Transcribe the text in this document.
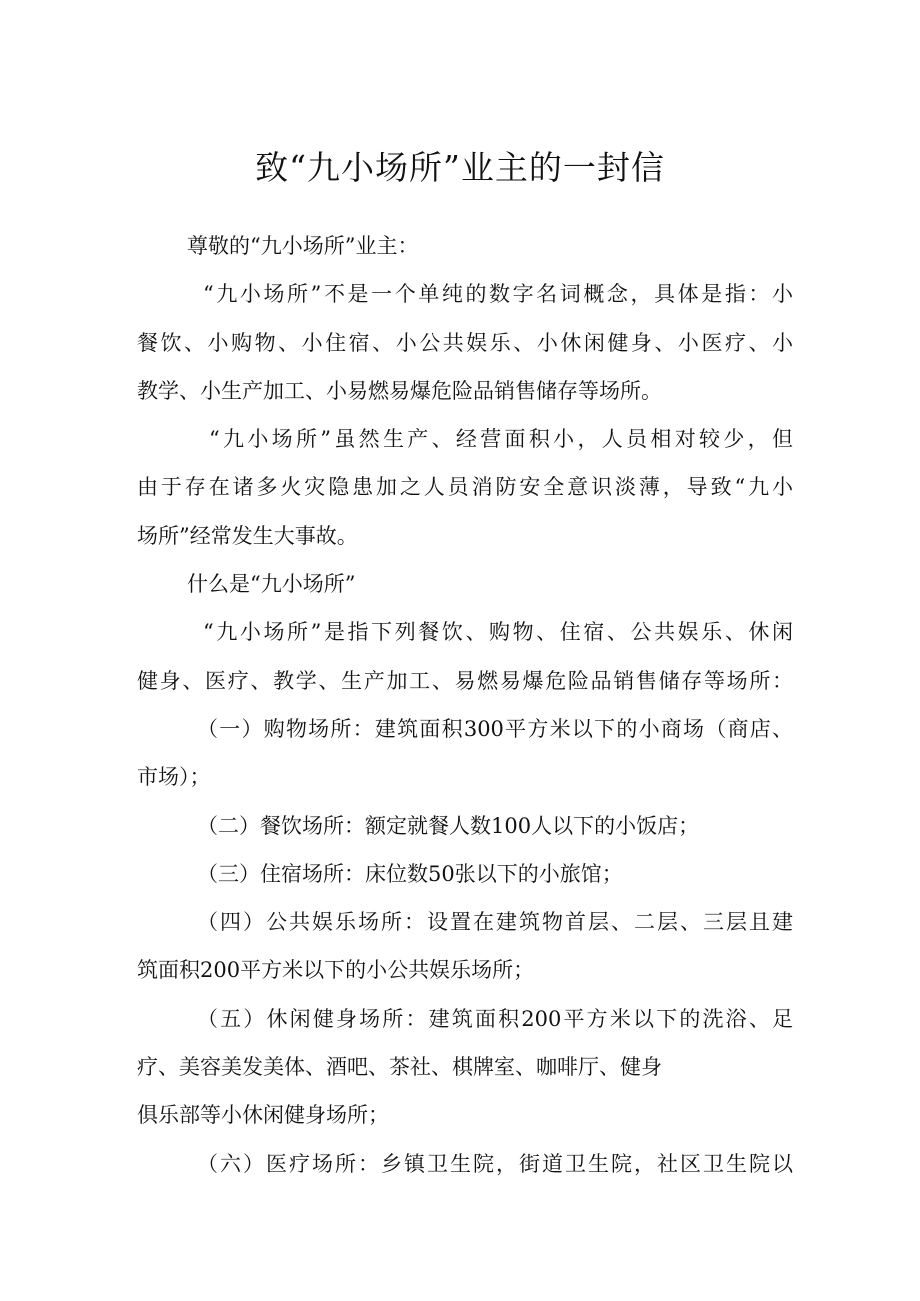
致“九小场所”业主的一封信
尊敬的“九小场所”业主：
“九小场所”不是一个单纯的数字名词概念，具体是指：小
餐饮、小购物、小住宿、小公共娱乐、小休闲健身、小医疗、小
教学、小生产加工、小易燃易爆危险品销售储存等场所。
“九小场所”虽然生产、经营面积小，人员相对较少，但
由于存在诸多火灾隐患加之人员消防安全意识淡薄，导致“九小
场所”经常发生大事故。
什么是“九小场所”
“九小场所”是指下列餐饮、购物、住宿、公共娱乐、休闲
健身、医疗、教学、生产加工、易燃易爆危险品销售储存等场所：
（一）购物场所：建筑面积300平方米以下的小商场（商店、
市场）；
（二）餐饮场所：额定就餐人数100人以下的小饭店；
（三）住宿场所：床位数50张以下的小旅馆；
（四）公共娱乐场所：设置在建筑物首层、二层、三层且建
筑面积200平方米以下的小公共娱乐场所；
（五）休闲健身场所：建筑面积200平方米以下的洗浴、足
疗、美容美发美体、酒吧、茶社、棋牌室、咖啡厅、健身
俱乐部等小休闲健身场所；
（六）医疗场所：乡镇卫生院，街道卫生院，社区卫生院以
